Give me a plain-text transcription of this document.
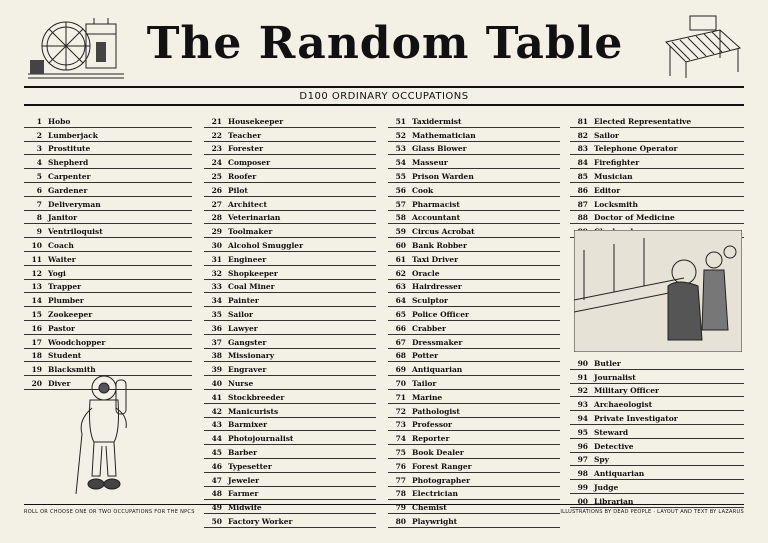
The Random Table
D100 ORDINARY OCCUPATIONS
1 Hobo
2 Lumberjack
3 Prostitute
4 Shepherd
5 Carpenter
6 Gardener
7 Deliveryman
8 Janitor
9 Ventriloquist
10 Coach
11 Waiter
12 Yogi
13 Trapper
14 Plumber
15 Zookeeper
16 Pastor
17 Woodchopper
18 Student
19 Blacksmith
20 Diver
21 Housekeeper
22 Teacher
23 Forester
24 Composer
25 Roofer
26 Pilot
27 Architect
28 Veterinarian
29 Toolmaker
30 Alcohol Smuggler
31 Engineer
32 Shopkeeper
33 Coal Miner
34 Painter
35 Sailor
36 Lawyer
37 Gangster
38 Missionary
39 Engraver
40 Nurse
41 Stockbreeder
42 Manicurists
43 Barmixer
44 Photojournalist
45 Barber
46 Typesetter
47 Jeweler
48 Farmer
49 Midwife
50 Factory Worker
51 Taxidermist
52 Mathematician
53 Glass Blower
54 Masseur
55 Prison Warden
56 Cook
57 Pharmacist
58 Accountant
59 Circus Acrobat
60 Bank Robber
61 Taxi Driver
62 Oracle
63 Hairdresser
64 Sculptor
65 Police Officer
66 Crabber
67 Dressmaker
68 Potter
69 Antiquarian
70 Tailor
71 Marine
72 Pathologist
73 Professor
74 Reporter
75 Book Dealer
76 Forest Ranger
77 Photographer
78 Electrician
79 Chemist
80 Playwright
81 Elected Representative
82 Sailor
83 Telephone Operator
84 Firefighter
85 Musician
86 Editor
87 Locksmith
88 Doctor of Medicine
90 Butler
91 Journalist
92 Military Officer
93 Archaeologist
94 Private Investigator
95 Steward
96 Detective
97 Spy
98 Antiquarian
99 Judge
00 Librarian
ROLL OR CHOOSE ONE OR TWO OCCUPATIONS FOR THE NPCS	ILLUSTRATIONS BY DEAD PEOPLE · LAYOUT AND TEXT BY LAZARUS
